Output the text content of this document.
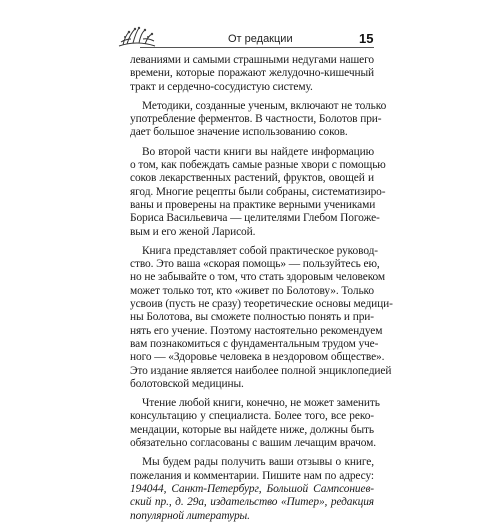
От редакции	15
леваниями и самыми страшными недугами нашего
времени, которые поражают желудочно-кишечный
тракт и сердечно-сосудистую систему.
Методики, созданные ученым, включают не только
употребление ферментов. В частности, Болотов при-
дает большое значение использованию соков.
Во второй части книги вы найдете информацию
о том, как побеждать самые разные хвори с помощью
соков лекарственных растений, фруктов, овощей и
ягод. Многие рецепты были собраны, систематизиро-
ваны и проверены на практике верными учениками
Бориса Васильевича — целителями Глебом Погоже-
вым и его женой Ларисой.
Книга представляет собой практическое руковод-
ство. Это ваша «скорая помощь» — пользуйтесь ею,
но не забывайте о том, что стать здоровым человеком
может только тот, кто «живет по Болотову». Только
усвоив (пусть не сразу) теоретические основы медици-
ны Болотова, вы сможете полностью понять и при-
нять его учение. Поэтому настоятельно рекомендуем
вам познакомиться с фундаментальным трудом уче-
ного — «Здоровье человека в нездоровом обществе».
Это издание является наиболее полной энциклопедией
болотовской медицины.
Чтение любой книги, конечно, не может заменить
консультацию у специалиста. Более того, все реко-
мендации, которые вы найдете ниже, должны быть
обязательно согласованы с вашим лечащим врачом.
Мы будем рады получить ваши отзывы о книге,
пожелания и комментарии. Пишите нам по адресу:
194044, Санкт-Петербург, Большой Сампсониев-
ский пр., д. 29а, издательство «Питер», редакция
популярной литературы.
